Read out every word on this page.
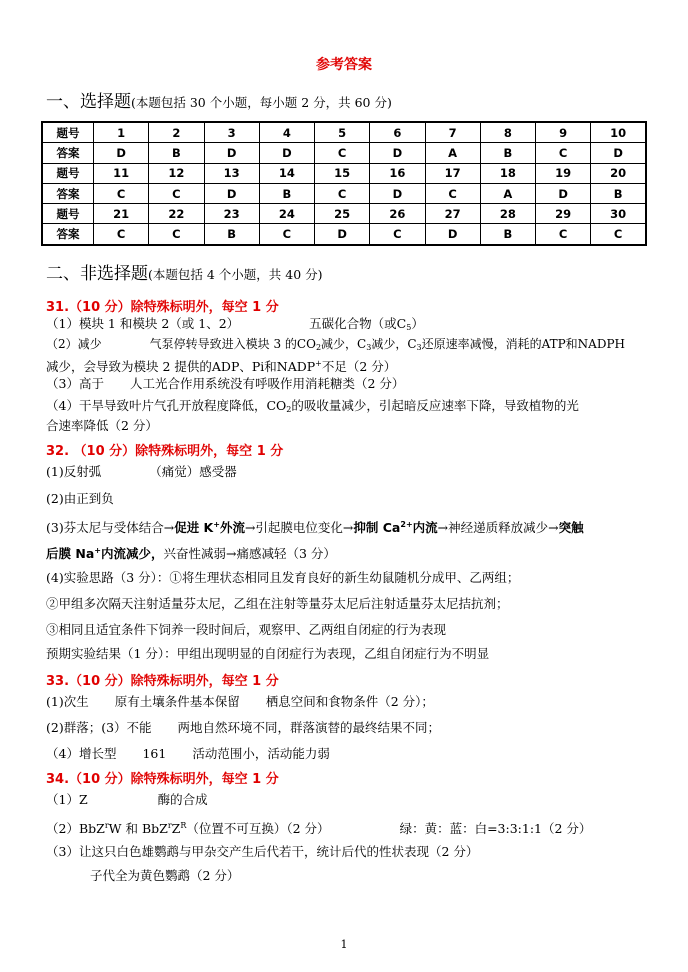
参考答案
一、选择题(本题包括 30 个小题，每小题 2 分，共 60 分)
题号	1	2	3	4	5	6	7	8	9	10
答案	D	B	D	D	C	D	A	B	C	D
题号	11	12	13	14	15	16	17	18	19	20
答案	C	C	D	B	C	D	C	A	D	B
题号	21	22	23	24	25	26	27	28	29	30
答案	C	C	B	C	D	C	D	B	C	C
二、非选择题(本题包括 4 个小题，共 40 分)
31.（10 分）除特殊标明外，每空 1 分
（1）模块 1 和模块 2（或 1、2）	五碳化合物（或$C_5$）
（2）减少	气泵停转导致进入模块 3 的$CO_2$减少，$C_3$减少，$C_3$还原速率减慢，消耗的ATP和NADPH
减少，会导致为模块 2 提供的ADP、Pi和NADP+不足（2 分）
（3）高于 人工光合作用系统没有呼吸作用消耗糖类（2 分）
（4）干旱导致叶片气孔开放程度降低，$CO_2$的吸收量减少，引起暗反应速率下降，导致植物的光
合速率降低（2 分）
32. （10 分）除特殊标明外，每空 1 分
(1)反射弧	（痛觉）感受器
(2)由正到负
(3)芬太尼与受体结合→促进 K+外流→引起膜电位变化→抑制 $Ca^{2+}$内流→神经递质释放减少→突触
后膜 Na+内流减少，兴奋性减弱→痛感减轻（3 分）
(4)实验思路（3 分）：①将生理状态相同且发育良好的新生幼鼠随机分成甲、乙两组；
②甲组多次隔天注射适量芬太尼，乙组在注射等量芬太尼后注射适量芬太尼拮抗剂；
③相同且适宜条件下饲养一段时间后，观察甲、乙两组自闭症的行为表现
预期实验结果（1 分）：甲组出现明显的自闭症行为表现，乙组自闭症行为不明显
33.（10 分）除特殊标明外，每空 1 分
(1)次生 原有土壤条件基本保留 栖息空间和食物条件（2 分）；
(2)群落；(3）不能 两地自然环境不同，群落演替的最终结果不同；
（4）增长型 161 活动范围小，活动能力弱
34.（10 分）除特殊标明外，每空 1 分
（1）Z	酶的合成
（2）BbZ$^r$W 和 $BbZ^rZ^R$（位置不可互换）（2 分）	绿：黄：蓝：白=3:3:1:1（2 分）
（3）让这只白色雄鹦鹉与甲杂交产生后代若干，统计后代的性状表现（2 分）
子代全为黄色鹦鹉（2 分）
1
